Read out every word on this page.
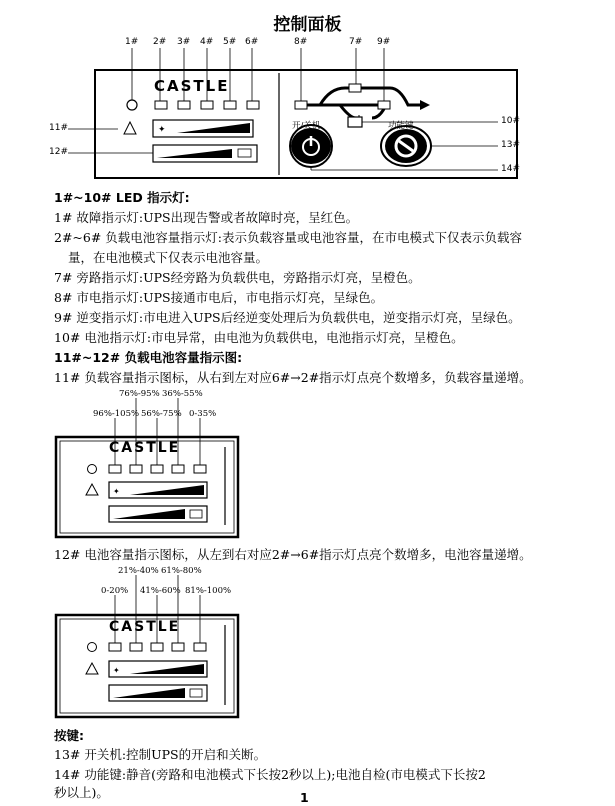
控制面板
✦
CASTLE
1# 2# 3# 4# 5# 6#	8#	7# 9#
11#
12#
10#
13#
14#
开/关机	功能键
1#~10# LED 指示灯:
1# 故障指示灯:UPS出现告警或者故障时亮，呈红色。
2#~6# 负载电池容量指示灯:表示负载容量或电池容量，在市电模式下仅表示负载容
量，在电池模式下仅表示电池容量。
7# 旁路指示灯:UPS经旁路为负载供电，旁路指示灯亮，呈橙色。
8# 市电指示灯:UPS接通市电后，市电指示灯亮，呈绿色。
9# 逆变指示灯:市电进入UPS后经逆变处理后为负载供电，逆变指示灯亮，呈绿色。
10# 电池指示灯:市电异常，由电池为负载供电，电池指示灯亮，呈橙色。
11#~12# 负载电池容量指示图:
11# 负载容量指示图标，从右到左对应6#→2#指示灯点亮个数增多，负载容量递增。
✦
CASTLE
76%-95% 36%-55%
96%-105% 56%-75% 0-35%
12# 电池容量指示图标，从左到右对应2#→6#指示灯点亮个数增多，电池容量递增。
✦
CASTLE
21%-40% 61%-80%
0-20% 41%-60% 81%-100%
按键:
13# 开关机:控制UPS的开启和关断。
14# 功能键:静音(旁路和电池模式下长按2秒以上);电池自检(市电模式下长按2
秒以上)。	1
